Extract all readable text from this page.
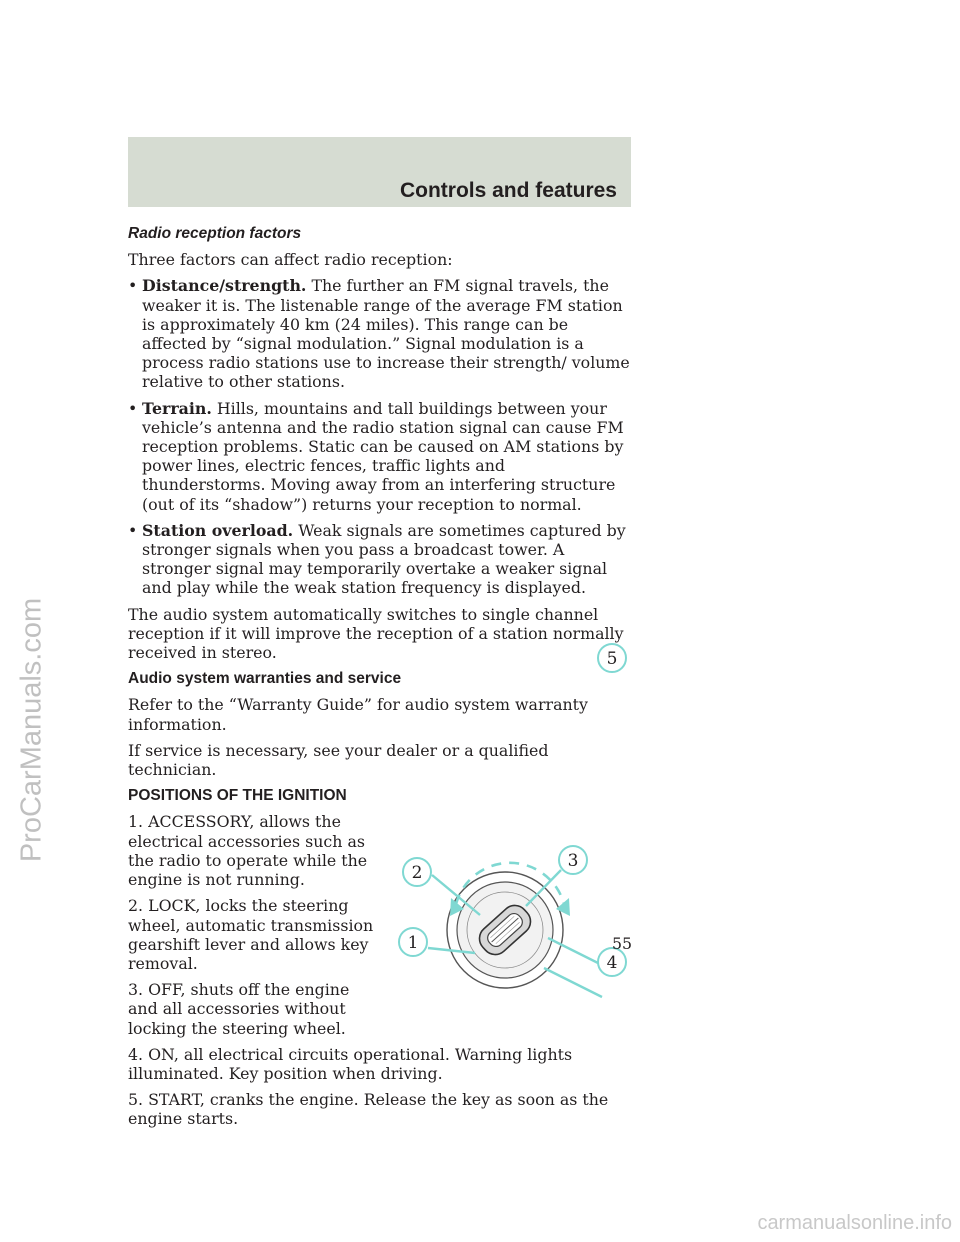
ProCarManuals.com
Controls and features
Radio reception factors

Three factors can affect radio reception:

• Distance/strength. The further an FM signal travels, the weaker it is. The listenable range of the average FM station is approximately 40 km (24 miles). This range can be affected by “signal modulation.” Signal modulation is a process radio stations use to increase their strength/ volume relative to other stations.
• Terrain. Hills, mountains and tall buildings between your vehicle’s antenna and the radio station signal can cause FM reception problems. Static can be caused on AM stations by power lines, electric fences, traffic lights and thunderstorms. Moving away from an interfering structure (out of its “shadow”) returns your reception to normal.
• Station overload. Weak signals are sometimes captured by stronger signals when you pass a broadcast tower. A stronger signal may temporarily overtake a weaker signal and play while the weak station frequency is displayed.

The audio system automatically switches to single channel reception if it will improve the reception of a station normally received in stereo.

Audio system warranties and service

Refer to the “Warranty Guide” for audio system warranty information.

If service is necessary, see your dealer or a qualified technician.

POSITIONS OF THE IGNITION

1. ACCESSORY, allows the electrical accessories such as the radio to operate while the engine is not running.

2. LOCK, locks the steering wheel, automatic transmission gearshift lever and allows key removal.

3. OFF, shuts off the engine and all accessories without locking the steering wheel.

2
3
4
1

4. ON, all electrical circuits operational. Warning lights illuminated. Key position when driving.

5. START, cranks the engine. Release the key as soon as the engine starts.

5
55
carmanualsonline.info
